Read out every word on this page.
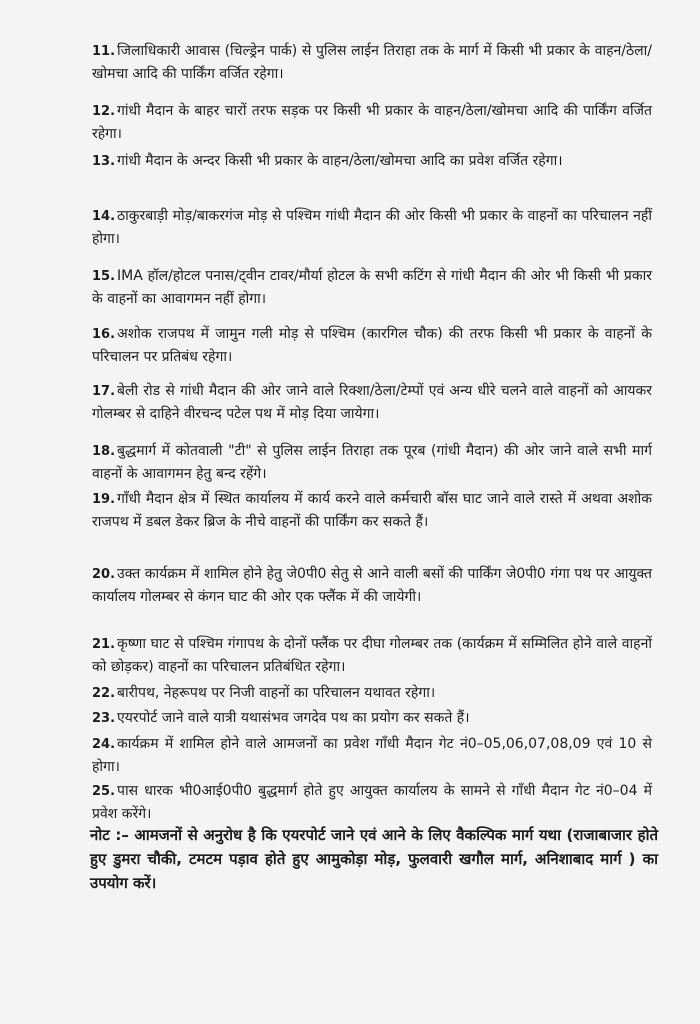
11. जिलाधिकारी आवास (चिल्ड्रेन पार्क) से पुलिस लाईन तिराहा तक के मार्ग में किसी भी प्रकार के वाहन/ठेला/खोमचा आदि की पार्किंग वर्जित रहेगा।
12. गांधी मैदान के बाहर चारों तरफ सड़क पर किसी भी प्रकार के वाहन/ठेला/खोमचा आदि की पार्किंग वर्जित रहेगा।
13. गांधी मैदान के अन्दर किसी भी प्रकार के वाहन/ठेला/खोमचा आदि का प्रवेश वर्जित रहेगा।
14. ठाकुरबाड़ी मोड़/बाकरगंज मोड़ से पश्चिम गांधी मैदान की ओर किसी भी प्रकार के वाहनों का परिचालन नहीं होगा।
15. IMA हॉल/होटल पनास/ट्वीन टावर/मौर्या होटल के सभी कटिंग से गांधी मैदान की ओर भी किसी भी प्रकार के वाहनों का आवागमन नहीं होगा।
16. अशोक राजपथ में जामुन गली मोड़ से पश्चिम (कारगिल चौक) की तरफ किसी भी प्रकार के वाहनों के परिचालन पर प्रतिबंध रहेगा।
17. बेली रोड से गांधी मैदान की ओर जाने वाले रिक्शा/ठेला/टेम्पों एवं अन्य धीरे चलने वाले वाहनों को आयकर गोलम्बर से दाहिने वीरचन्द पटेल पथ में मोड़ दिया जायेगा।
18. बुद्धमार्ग में कोतवाली "टी" से पुलिस लाईन तिराहा तक पूरब (गांधी मैदान) की ओर जाने वाले सभी मार्ग वाहनों के आवागमन हेतु बन्द रहेंगे।
19. गाँधी मैदान क्षेत्र में स्थित कार्यालय में कार्य करने वाले कर्मचारी बॉस घाट जाने वाले रास्ते में अथवा अशोक राजपथ में डबल डेकर ब्रिज के नीचे वाहनों की पार्किंग कर सकते हैं।
20. उक्त कार्यक्रम में शामिल होने हेतु जे0पी0 सेतु से आने वाली बसों की पार्किंग जे0पी0 गंगा पथ पर आयुक्त कार्यालय गोलम्बर से कंगन घाट की ओर एक फ्लैंक में की जायेगी।
21. कृष्णा घाट से पश्चिम गंगापथ के दोनों फ्लैंक पर दीघा गोलम्बर तक (कार्यक्रम में सम्मिलित होने वाले वाहनों को छोड़कर) वाहनों का परिचालन प्रतिबंधित रहेगा।
22. बारीपथ, नेहरूपथ पर निजी वाहनों का परिचालन यथावत रहेगा।
23. एयरपोर्ट जाने वाले यात्री यथासंभव जगदेव पथ का प्रयोग कर सकते हैं।
24. कार्यक्रम में शामिल होने वाले आमजनों का प्रवेश गाँधी मैदान गेट नं0–05,06,07,08,09 एवं 10 से होगा।
25. पास धारक भी0आई0पी0 बुद्धमार्ग होते हुए आयुक्त कार्यालय के सामने से गाँधी मैदान गेट नं0–04 में प्रवेश करेंगे।
नोट :– आमजनों से अनुरोध है कि एयरपोर्ट जाने एवं आने के लिए वैकल्पिक मार्ग यथा (राजाबाजार होते हुए डुमरा चौकी, टमटम पड़ाव होते हुए आमुकोड़ा मोड़, फुलवारी खगौल मार्ग, अनिशाबाद मार्ग ) का उपयोग करें।
